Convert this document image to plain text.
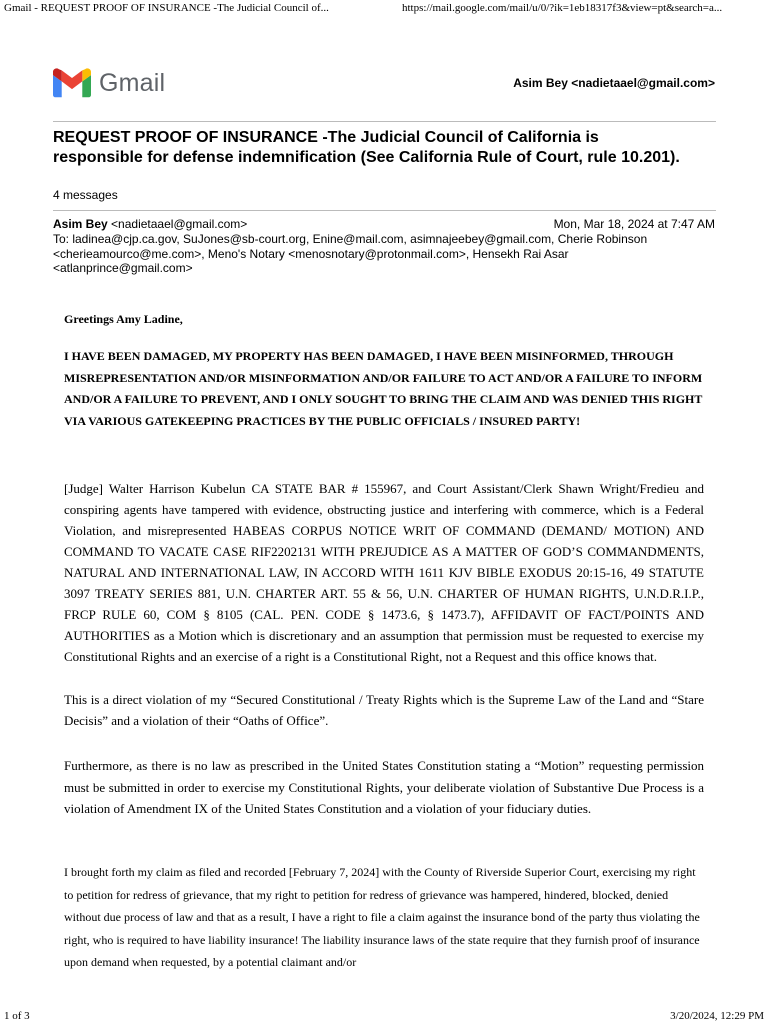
Gmail - REQUEST PROOF OF INSURANCE -The Judicial Council of...	https://mail.google.com/mail/u/0/?ik=1eb18317f3&view=pt&search=a...
Gmail	Asim Bey <nadietaael@gmail.com>
REQUEST PROOF OF INSURANCE -The Judicial Council of California is responsible for defense indemnification (See California Rule of Court, rule 10.201).
4 messages
Asim Bey <nadietaael@gmail.com>	Mon, Mar 18, 2024 at 7:47 AM
To: ladinea@cjp.ca.gov, SuJones@sb-court.org, Enine@mail.com, asimnajeebey@gmail.com, Cherie Robinson <cherieamourco@me.com>, Meno's Notary <menosnotary@protonmail.com>, Hensekh Rai Asar <atlanprince@gmail.com>
Greetings Amy Ladine,
I HAVE BEEN DAMAGED, MY PROPERTY HAS BEEN DAMAGED, I HAVE BEEN MISINFORMED, THROUGH MISREPRESENTATION AND/OR MISINFORMATION AND/OR FAILURE TO ACT AND/OR A FAILURE TO INFORM AND/OR A FAILURE TO PREVENT, AND I ONLY SOUGHT TO BRING THE CLAIM AND WAS DENIED THIS RIGHT VIA VARIOUS GATEKEEPING PRACTICES BY THE PUBLIC OFFICIALS / INSURED PARTY!

[Judge] Walter Harrison Kubelun CA STATE BAR # 155967, and Court Assistant/Clerk Shawn Wright/Fredieu and conspiring agents have tampered with evidence, obstructing justice and interfering with commerce, which is a Federal Violation, and misrepresented HABEAS CORPUS NOTICE WRIT OF COMMAND (DEMAND/ MOTION) AND COMMAND TO VACATE CASE RIF2202131 WITH PREJUDICE AS A MATTER OF GOD’S COMMANDMENTS, NATURAL AND INTERNATIONAL LAW, IN ACCORD WITH 1611 KJV BIBLE EXODUS 20:15-16, 49 STATUTE 3097 TREATY SERIES 881, U.N. CHARTER ART. 55 & 56, U.N. CHARTER OF HUMAN RIGHTS, U.N.D.R.I.P., FRCP RULE 60, COM § 8105 (CAL. PEN. CODE § 1473.6, § 1473.7), AFFIDAVIT OF FACT/POINTS AND AUTHORITIES as a Motion which is discretionary and an assumption that permission must be requested to exercise my Constitutional Rights and an exercise of a right is a Constitutional Right, not a Request and this office knows that.

This is a direct violation of my “Secured Constitutional / Treaty Rights which is the Supreme Law of the Land and “Stare Decisis” and a violation of their “Oaths of Office”.

Furthermore, as there is no law as prescribed in the United States Constitution stating a “Motion” requesting permission must be submitted in order to exercise my Constitutional Rights, your deliberate violation of Substantive Due Process is a violation of Amendment IX of the United States Constitution and a violation of your fiduciary duties.

I brought forth my claim as filed and recorded [February 7, 2024] with the County of Riverside Superior Court, exercising my right to petition for redress of grievance, that my right to petition for redress of grievance was hampered, hindered, blocked, denied without due process of law and that as a result, I have a right to file a claim against the insurance bond of the party thus violating the right, who is required to have liability insurance! The liability insurance laws of the state require that they furnish proof of insurance upon demand when requested, by a potential claimant and/or

1 of 3	3/20/2024, 12:29 PM
